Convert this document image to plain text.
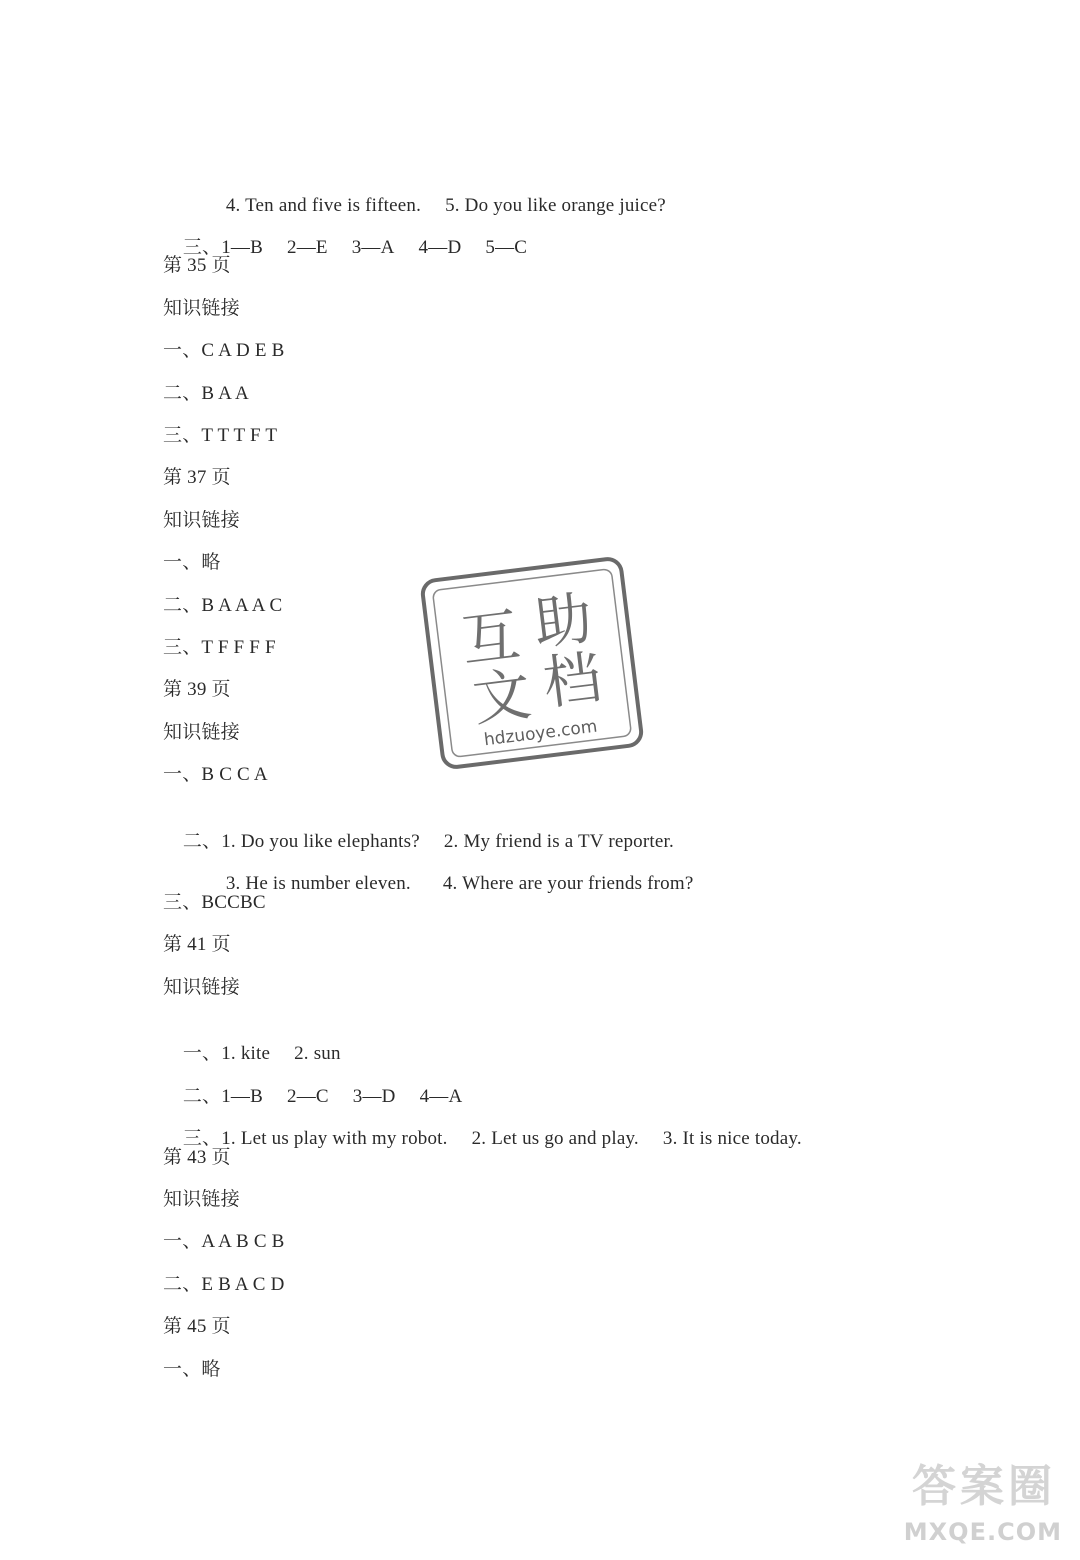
4. Ten and five is fifteen. 5. Do you like orange juice?

三、1—B 2—E 3—A 4—D 5—C

第 35 页
知识链接
一、C A D E B
二、B A A
三、T T T F T
第 37 页
知识链接
一、略
二、B A A A C
三、T F F F F
第 39 页
知识链接
一、B C C A

二、1. Do you like elephants? 2. My friend is a TV reporter.

3. He is number eleven. 4. Where are your friends from?

三、BCCBC
第 41 页
知识链接

一、1. kite 2. sun

二、1—B 2—C 3—D 4—A

三、1. Let us play with my robot. 2. Let us go and play. 3. It is nice today.

第 43 页
知识链接
一、A A B C B
二、E B A C D
第 45 页
一、略
互 助
文 档
hdzuoye.com
答案圈
MXQE.COM
